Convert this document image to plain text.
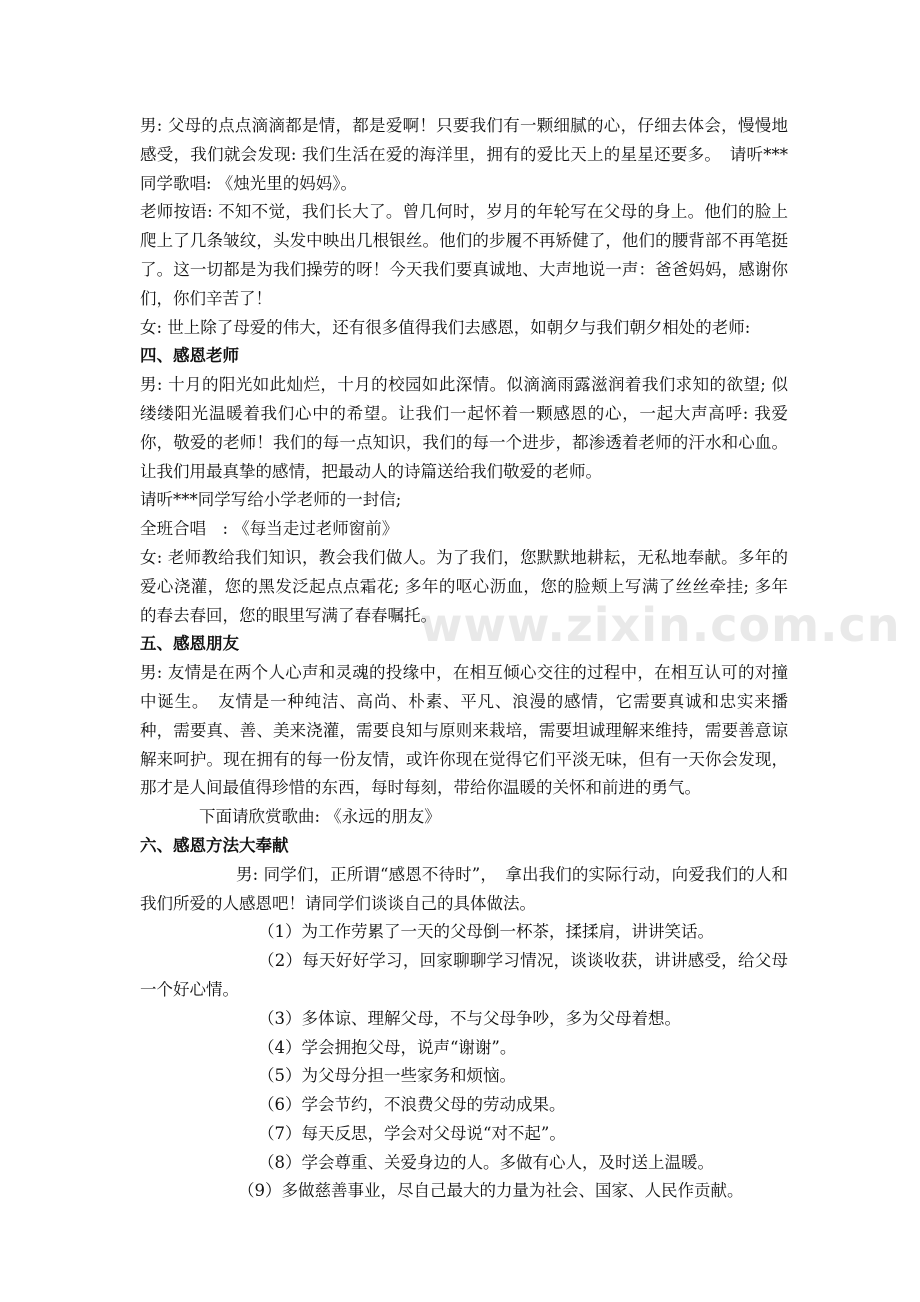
www.zixin.com.cn

男: 父母的点点滴滴都是情，都是爱啊！只要我们有一颗细腻的心，仔细去体会，慢慢地感受，我们就会发现: 我们生活在爱的海洋里，拥有的爱比天上的星星还要多。　请听***同学歌唱: 《烛光里的妈妈》。

老师按语: 不知不觉，我们长大了。曾几何时，岁月的年轮写在父母的身上。他们的脸上爬上了几条皱纹，头发中映出几根银丝。他们的步履不再矫健了，他们的腰背部不再笔挺了。这一切都是为我们操劳的呀！今天我们要真诚地、大声地说一声：爸爸妈妈，感谢你们，你们辛苦了！

女: 世上除了母爱的伟大，还有很多值得我们去感恩，如朝夕与我们朝夕相处的老师:

四、感恩老师

男: 十月的阳光如此灿烂，十月的校园如此深情。似滴滴雨露滋润着我们求知的欲望; 似缕缕阳光温暖着我们心中的希望。让我们一起怀着一颗感恩的心，一起大声高呼: 我爱你，敬爱的老师！我们的每一点知识，我们的每一个进步，都渗透着老师的汗水和心血。让我们用最真挚的感情，把最动人的诗篇送给我们敬爱的老师。

请听***同学写给小学老师的一封信;

全班合唱　: 《每当走过老师窗前》

女: 老师教给我们知识，教会我们做人。为了我们，您默默地耕耘，无私地奉献。多年的爱心浇灌，您的黑发泛起点点霜花; 多年的呕心沥血，您的脸颊上写满了丝丝牵挂; 多年的春去春回，您的眼里写满了春春嘱托。

五、感恩朋友

男: 友情是在两个人心声和灵魂的投缘中，在相互倾心交往的过程中，在相互认可的对撞中诞生。　友情是一种纯洁、高尚、朴素、平凡、浪漫的感情，它需要真诚和忠实来播种，需要真、善、美来浇灌，需要良知与原则来栽培，需要坦诚理解来维持，需要善意谅解来呵护。现在拥有的每一份友情，或许你现在觉得它们平淡无味，但有一天你会发现，那才是人间最值得珍惜的东西，每时每刻，带给你温暖的关怀和前进的勇气。

下面请欣赏歌曲: 《永远的朋友》

六、感恩方法大奉献

男: 同学们，正所谓“感恩不待时”，　拿出我们的实际行动，向爱我们的人和我们所爱的人感恩吧！请同学们谈谈自己的具体做法。

（1）为工作劳累了一天的父母倒一杯茶，揉揉肩，讲讲笑话。

（2）每天好好学习，回家聊聊学习情况，谈谈收获，讲讲感受，给父母一个好心情。

（3）多体谅、理解父母，不与父母争吵，多为父母着想。

（4）学会拥抱父母，说声“谢谢”。

（5）为父母分担一些家务和烦恼。

（6）学会节约，不浪费父母的劳动成果。

（7）每天反思，学会对父母说“对不起”。

（8）学会尊重、关爱身边的人。多做有心人，及时送上温暖。

（9）多做慈善事业，尽自己最大的力量为社会、国家、人民作贡献。
